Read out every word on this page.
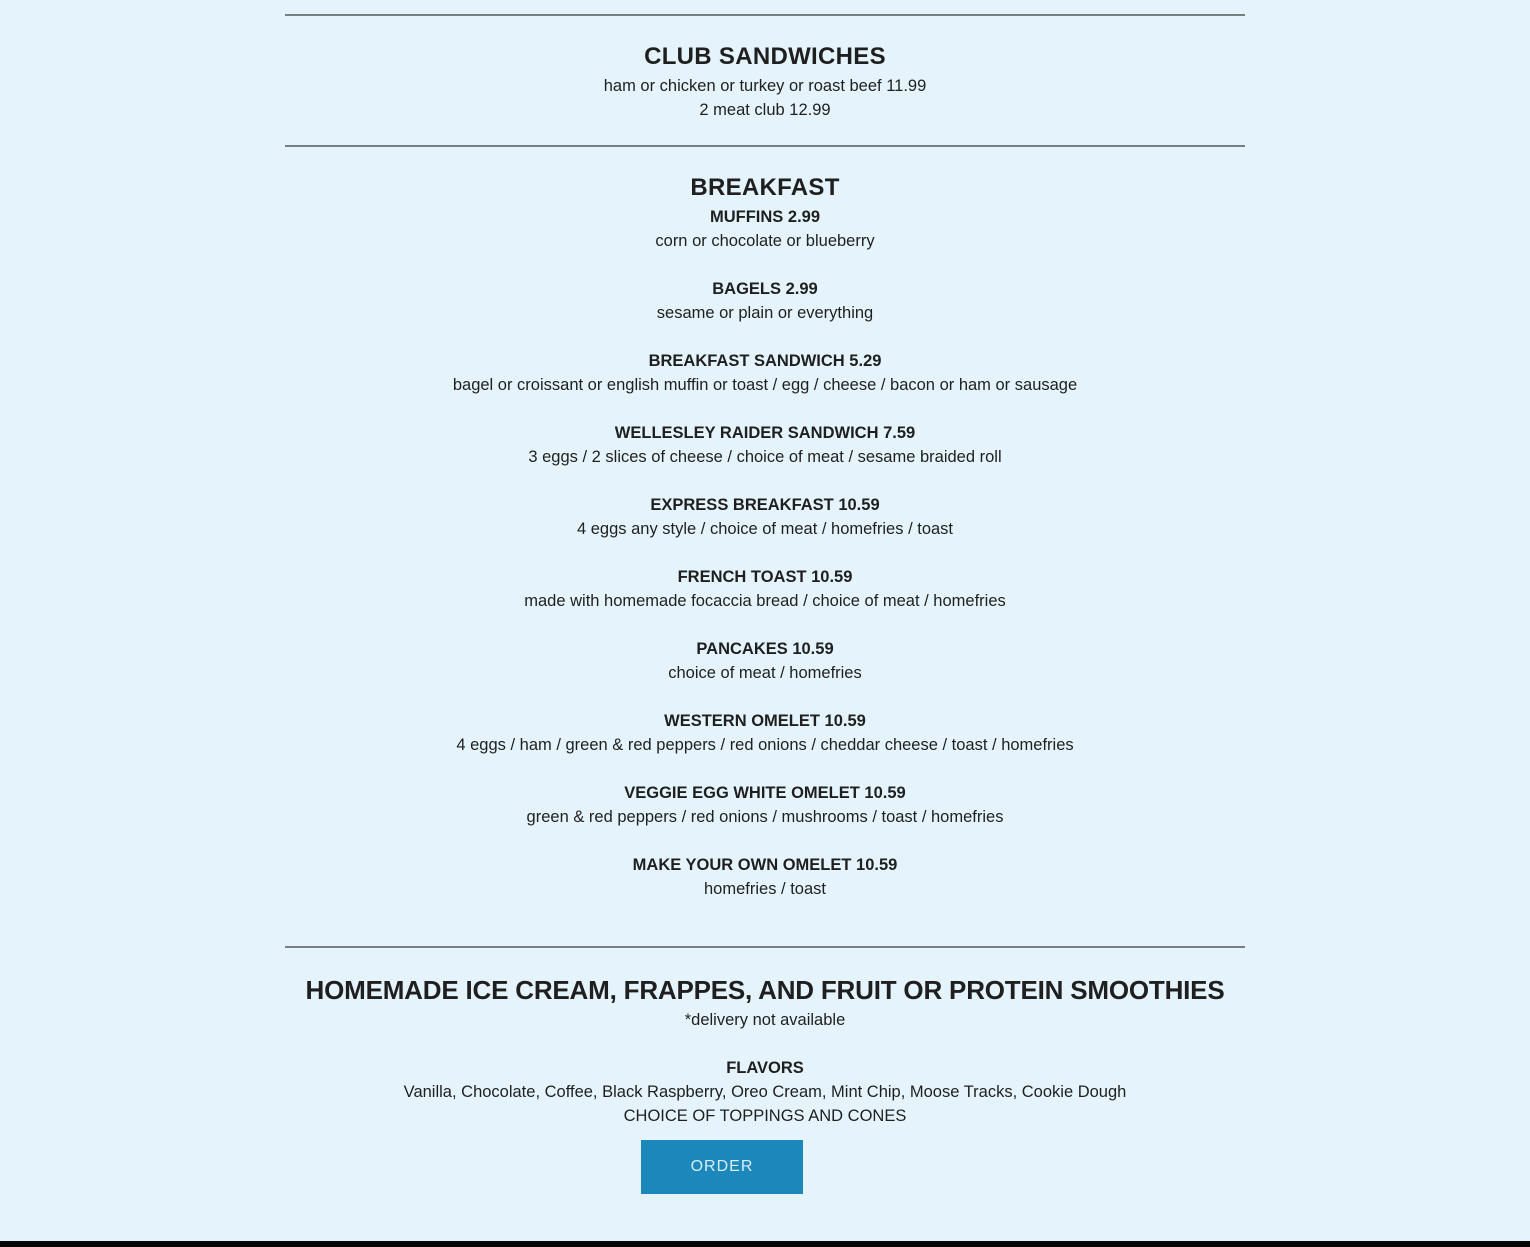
CLUB SANDWICHES
ham or chicken or turkey or roast beef 11.99
2 meat club 12.99
BREAKFAST
MUFFINS 2.99
corn or chocolate or blueberry
BAGELS 2.99
sesame or plain or everything
BREAKFAST SANDWICH 5.29
bagel or croissant or english muffin or toast / egg / cheese / bacon or ham or sausage
WELLESLEY RAIDER SANDWICH 7.59
3 eggs / 2 slices of cheese / choice of meat / sesame braided roll
EXPRESS BREAKFAST 10.59
4 eggs any style / choice of meat / homefries / toast
FRENCH TOAST 10.59
made with homemade focaccia bread / choice of meat / homefries
PANCAKES 10.59
choice of meat / homefries
WESTERN OMELET 10.59
4 eggs / ham / green & red peppers / red onions / cheddar cheese / toast / homefries
VEGGIE EGG WHITE OMELET 10.59
green & red peppers / red onions / mushrooms / toast / homefries
MAKE YOUR OWN OMELET 10.59
homefries / toast
HOMEMADE ICE CREAM, FRAPPES, AND FRUIT OR PROTEIN SMOOTHIES
*delivery not available
FLAVORS
Vanilla, Chocolate, Coffee, Black Raspberry, Oreo Cream, Mint Chip, Moose Tracks, Cookie Dough
CHOICE OF TOPPINGS AND CONES
ORDER
